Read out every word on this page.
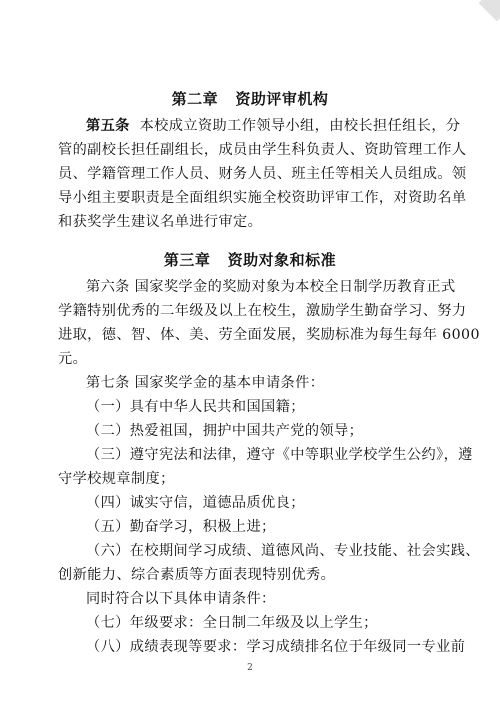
第二章   资助评审机构
第五条 本校成立资助工作领导小组，由校长担任组长，分
管的副校长担任副组长，成员由学生科负责人、资助管理工作人
员、学籍管理工作人员、财务人员、班主任等相关人员组成。领
导小组主要职责是全面组织实施全校资助评审工作，对资助名单
和获奖学生建议名单进行审定。
第三章   资助对象和标准
第六条 国家奖学金的奖励对象为本校全日制学历教育正式
学籍特别优秀的二年级及以上在校生，激励学生勤奋学习、努力
进取，德、智、体、美、劳全面发展，奖励标准为每生每年 6000
元。
第七条 国家奖学金的基本申请条件：
（一）具有中华人民共和国国籍；
（二）热爱祖国，拥护中国共产党的领导；
（三）遵守宪法和法律，遵守《中等职业学校学生公约》，遵
守学校规章制度；
（四）诚实守信，道德品质优良；
（五）勤奋学习，积极上进；
（六）在校期间学习成绩、道德风尚、专业技能、社会实践、
创新能力、综合素质等方面表现特别优秀。
同时符合以下具体申请条件：
（七）年级要求：全日制二年级及以上学生；
（八）成绩表现等要求：学习成绩排名位于年级同一专业前
2
